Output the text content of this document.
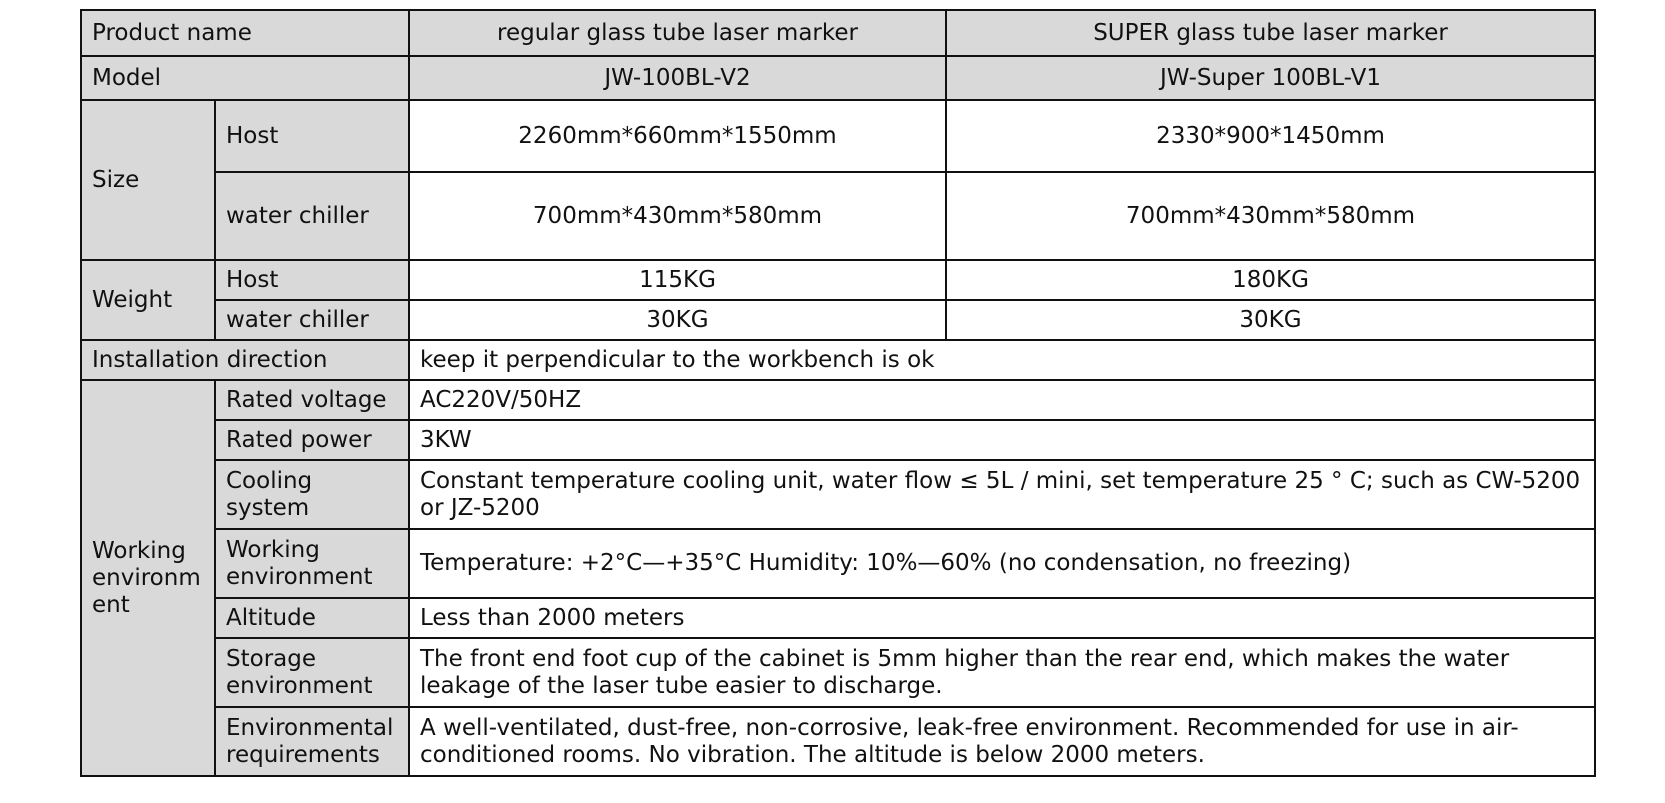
Product name		regular glass tube laser marker	SUPER glass tube laser marker
Model		JW-100BL-V2	JW-Super 100BL-V1
Size	Host	2260mm*660mm*1550mm	2330*900*1450mm
	water chiller	700mm*430mm*580mm	700mm*430mm*580mm
Weight	Host	115KG	180KG
	water chiller	30KG	30KG
Installation direction		keep it perpendicular to the workbench is ok	
Working environm ent	Rated voltage	AC220V/50HZ	
	Rated power	3KW	
	Cooling system	Constant temperature cooling unit, water flow ≤ 5L / mini, set temperature 25 ° C; such as CW-5200 or JZ-5200	
	Working environment	Temperature: +2°C—+35°C Humidity: 10%—60% (no condensation, no freezing)	
	Altitude	Less than 2000 meters	
	Storage environment	The front end foot cup of the cabinet is 5mm higher than the rear end, which makes the water leakage of the laser tube easier to discharge.	
	Environmental requirements	A well-ventilated, dust-free, non-corrosive, leak-free environment. Recommended for use in air-conditioned rooms. No vibration. The altitude is below 2000 meters.	
